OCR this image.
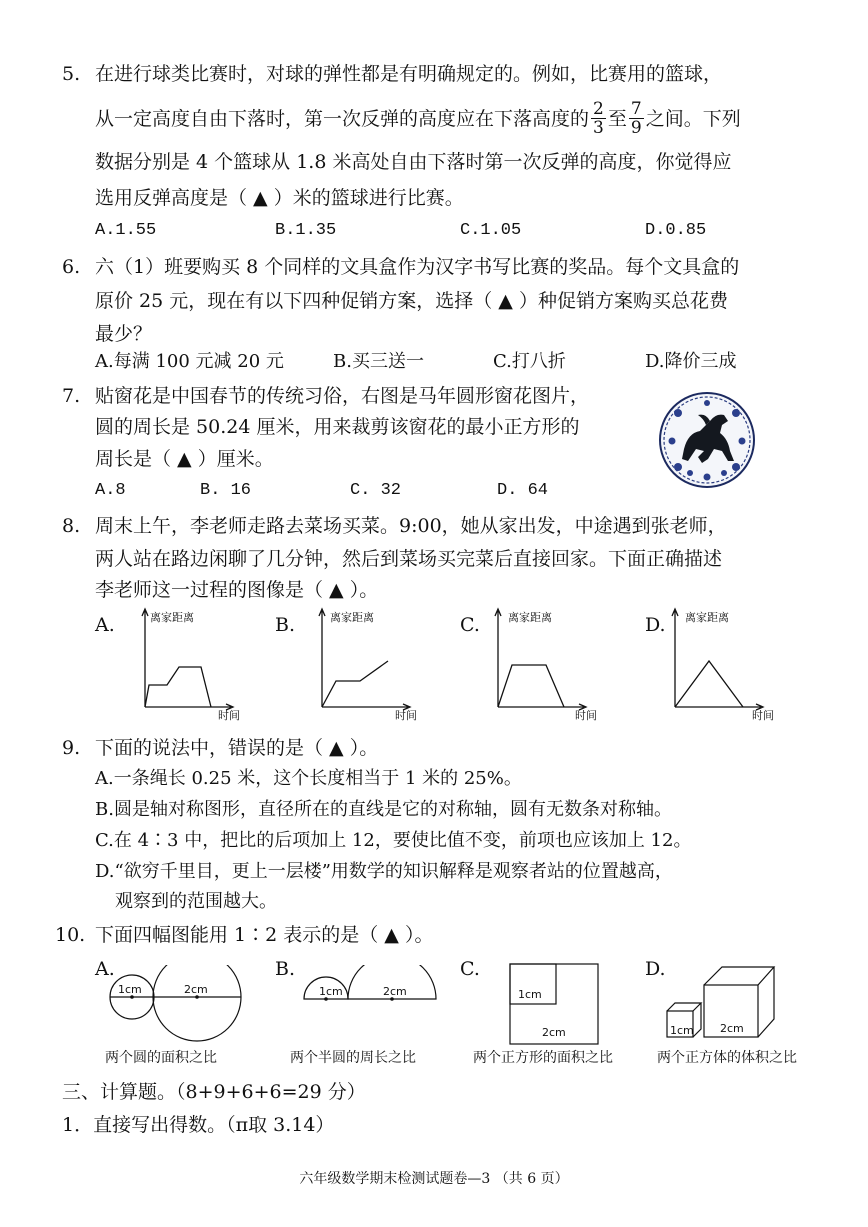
5. 在进行球类比赛时，对球的弹性都是有明确规定的。例如，比赛用的篮球，
从一定高度自由下落时，第一次反弹的高度应在下落高度的 $\frac{2}{3}$ 至 $\frac{7}{9}$ 之间。下列
数据分别是 4 个篮球从 1.8 米高处自由下落时第一次反弹的高度，你觉得应
选用反弹高度是（ ▲ ）米的篮球进行比赛。
A.1.55	B.1.35	C.1.05	D.0.85
6. 六（1）班要购买 8 个同样的文具盒作为汉字书写比赛的奖品。每个文具盒的
原价 25 元，现在有以下四种促销方案，选择（ ▲ ）种促销方案购买总花费
最少？
A.每满 100 元减 20 元	B.买三送一	C.打八折	D.降价三成
7. 贴窗花是中国春节的传统习俗，右图是马年圆形窗花图片，
圆的周长是 50.24 厘米，用来裁剪该窗花的最小正方形的
周长是（ ▲ ）厘米。
A.8	B. 16	C. 32	D. 64
8. 周末上午，李老师走路去菜场买菜。9:00，她从家出发，中途遇到张老师，
两人站在路边闲聊了几分钟，然后到菜场买完菜后直接回家。下面正确描述
李老师这一过程的图像是（ ▲ ）。
A.	离家距离
时间
B.	离家距离
时间
C.	离家距离
时间
D. 离家距离
时间
9. 下面的说法中，错误的是（ ▲ ）。
A.一条绳长 0.25 米，这个长度相当于 1 米的 25%。
B.圆是轴对称图形，直径所在的直线是它的对称轴，圆有无数条对称轴。
C.在 4∶3 中，把比的后项加上 12，要使比值不变，前项也应该加上 12。
D.“欲穷千里目，更上一层楼”用数学的知识解释是观察者站的位置越高，
观察到的范围越大。
10. 下面四幅图能用 1∶2 表示的是（ ▲ ）。
A.
1cm	2cm
两个圆的面积之比
B.
1cm	2cm
两个半圆的周长之比
C.
1cm
2cm
两个正方形的面积之比
D.
1cm 2cm
两个正方体的体积之比
三、计算题。（8+9+6+6=29 分）
1．直接写出得数。（π取 3.14）
六年级数学期末检测试题卷—3 （共 6 页）
